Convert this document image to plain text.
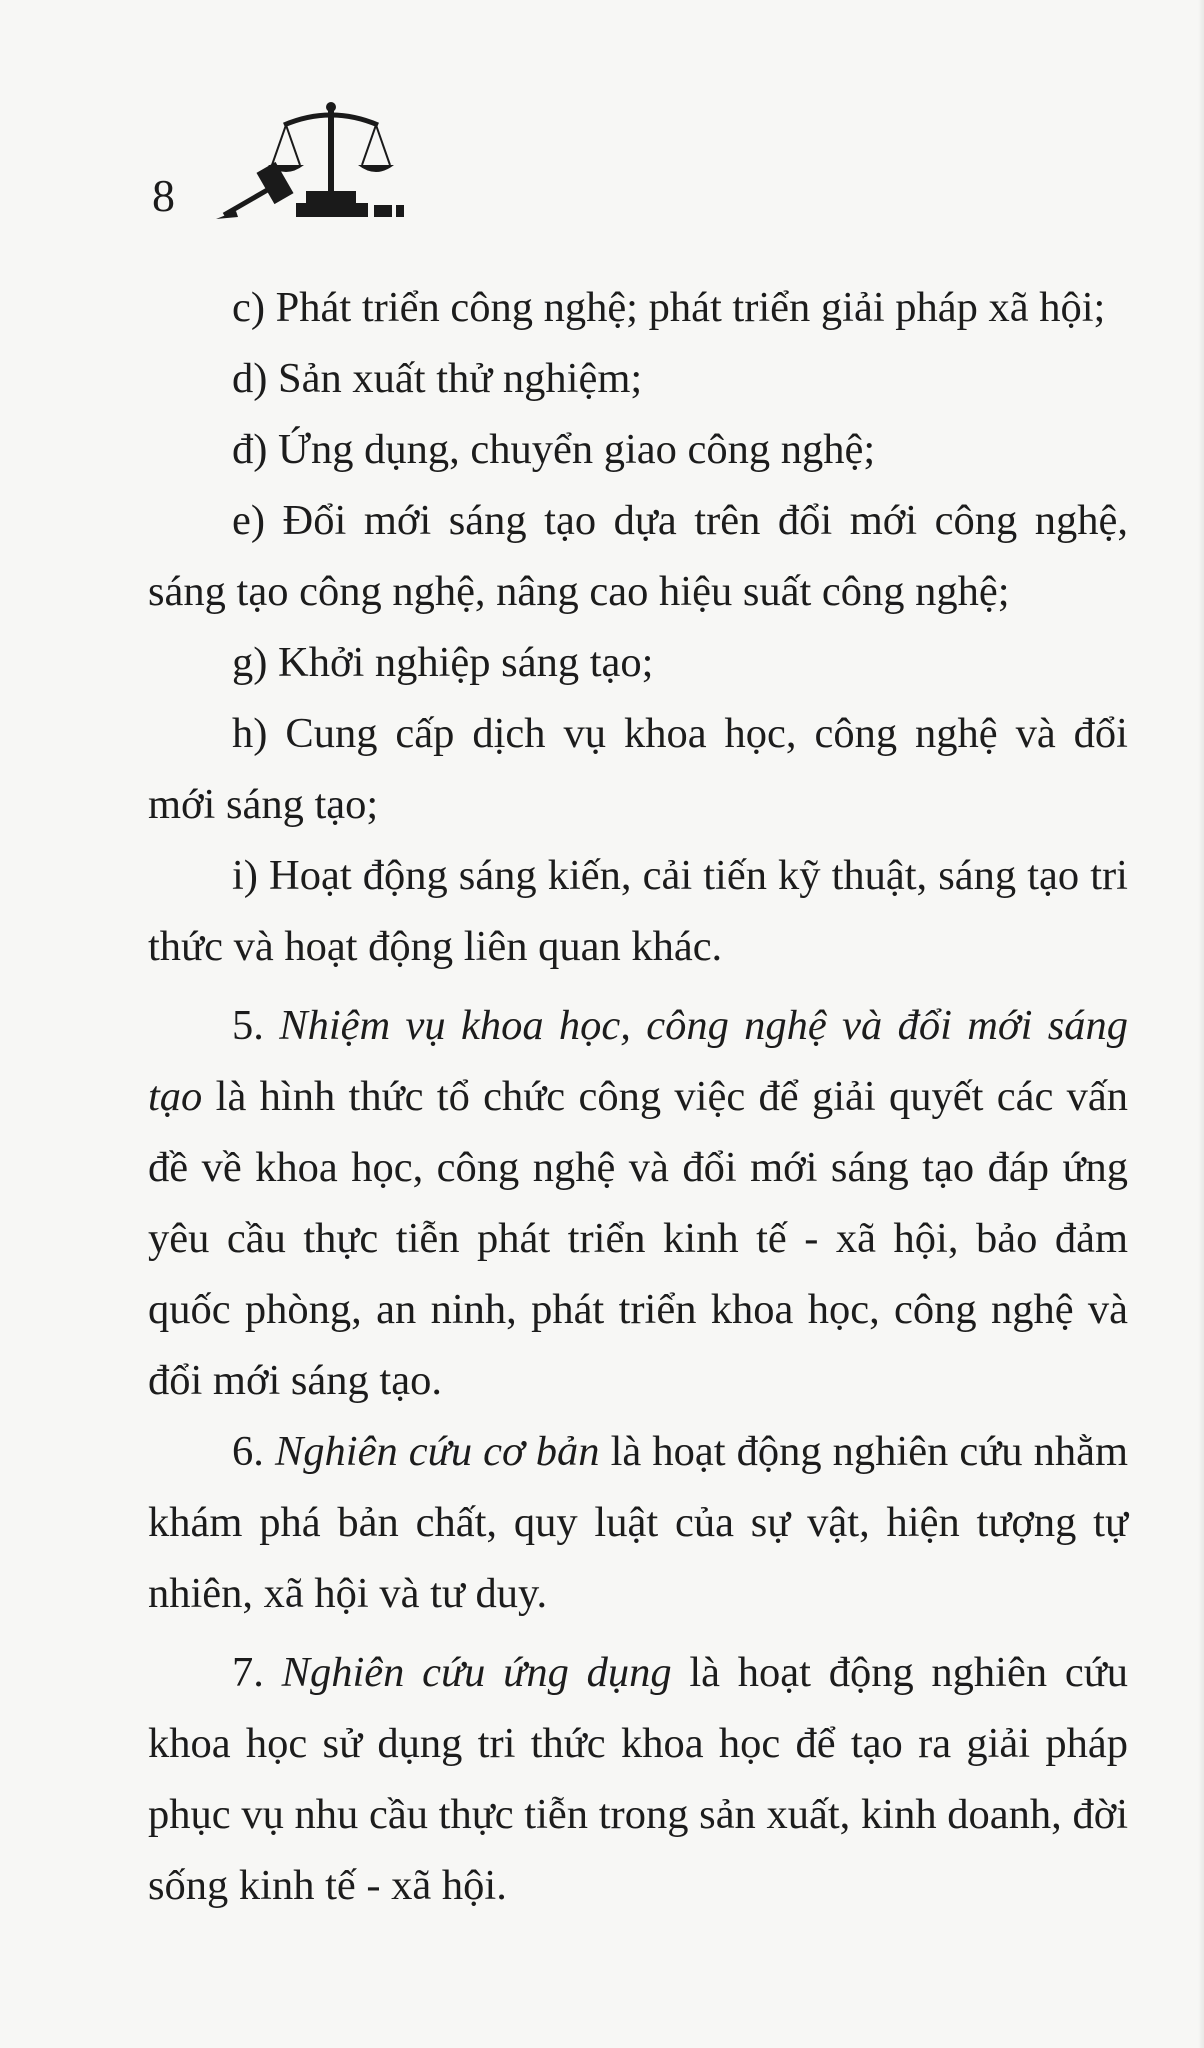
8

c) Phát triển công nghệ; phát triển giải pháp xã hội;

d) Sản xuất thử nghiệm;

đ) Ứng dụng, chuyển giao công nghệ;

e) Đổi mới sáng tạo dựa trên đổi mới công nghệ, sáng tạo công nghệ, nâng cao hiệu suất công nghệ;

g) Khởi nghiệp sáng tạo;

h) Cung cấp dịch vụ khoa học, công nghệ và đổi mới sáng tạo;

i) Hoạt động sáng kiến, cải tiến kỹ thuật, sáng tạo tri thức và hoạt động liên quan khác.

5. Nhiệm vụ khoa học, công nghệ và đổi mới sáng tạo là hình thức tổ chức công việc để giải quyết các vấn đề về khoa học, công nghệ và đổi mới sáng tạo đáp ứng yêu cầu thực tiễn phát triển kinh tế - xã hội, bảo đảm quốc phòng, an ninh, phát triển khoa học, công nghệ và đổi mới sáng tạo.

6. Nghiên cứu cơ bản là hoạt động nghiên cứu nhằm khám phá bản chất, quy luật của sự vật, hiện tượng tự nhiên, xã hội và tư duy.

7. Nghiên cứu ứng dụng là hoạt động nghiên cứu khoa học sử dụng tri thức khoa học để tạo ra giải pháp phục vụ nhu cầu thực tiễn trong sản xuất, kinh doanh, đời sống kinh tế - xã hội.
